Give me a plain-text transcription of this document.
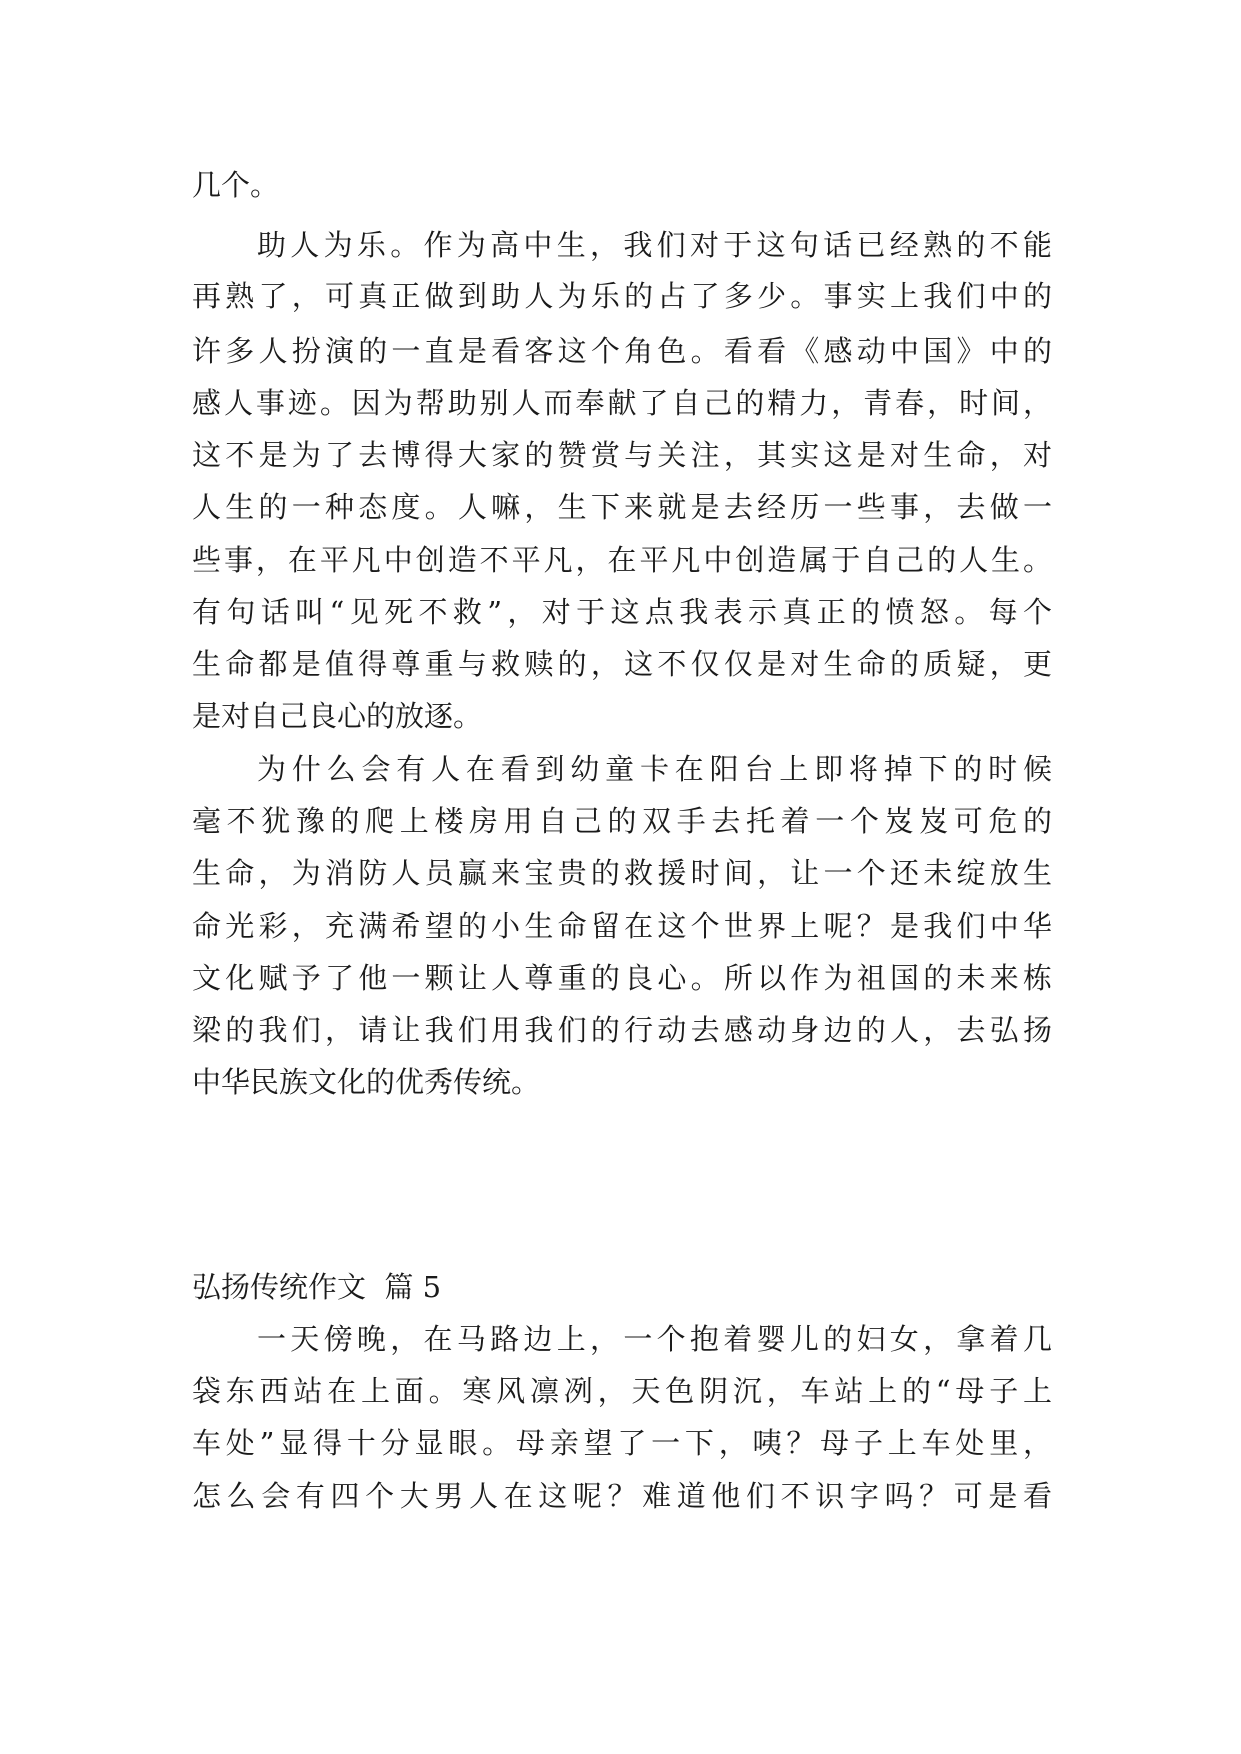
几个。
助人为乐。作为高中生，我们对于这句话已经熟的不能
再熟了，可真正做到助人为乐的占了多少。事实上我们中的
许多人扮演的一直是看客这个角色。看看《感动中国》中的
感人事迹。因为帮助别人而奉献了自己的精力，青春，时间，
这不是为了去博得大家的赞赏与关注，其实这是对生命，对
人生的一种态度。人嘛，生下来就是去经历一些事，去做一
些事，在平凡中创造不平凡，在平凡中创造属于自己的人生。
有句话叫“见死不救”，对于这点我表示真正的愤怒。每个
生命都是值得尊重与救赎的，这不仅仅是对生命的质疑，更
是对自己良心的放逐。
为什么会有人在看到幼童卡在阳台上即将掉下的时候
毫不犹豫的爬上楼房用自己的双手去托着一个岌岌可危的
生命，为消防人员赢来宝贵的救援时间，让一个还未绽放生
命光彩，充满希望的小生命留在这个世界上呢？是我们中华
文化赋予了他一颗让人尊重的良心。所以作为祖国的未来栋
梁的我们，请让我们用我们的行动去感动身边的人，去弘扬
中华民族文化的优秀传统。
弘扬传统作文  篇 5
一天傍晚，在马路边上，一个抱着婴儿的妇女，拿着几
袋东西站在上面。寒风凛冽，天色阴沉，车站上的“母子上
车处”显得十分显眼。母亲望了一下，咦？母子上车处里，
怎么会有四个大男人在这呢？难道他们不识字吗？可是看
